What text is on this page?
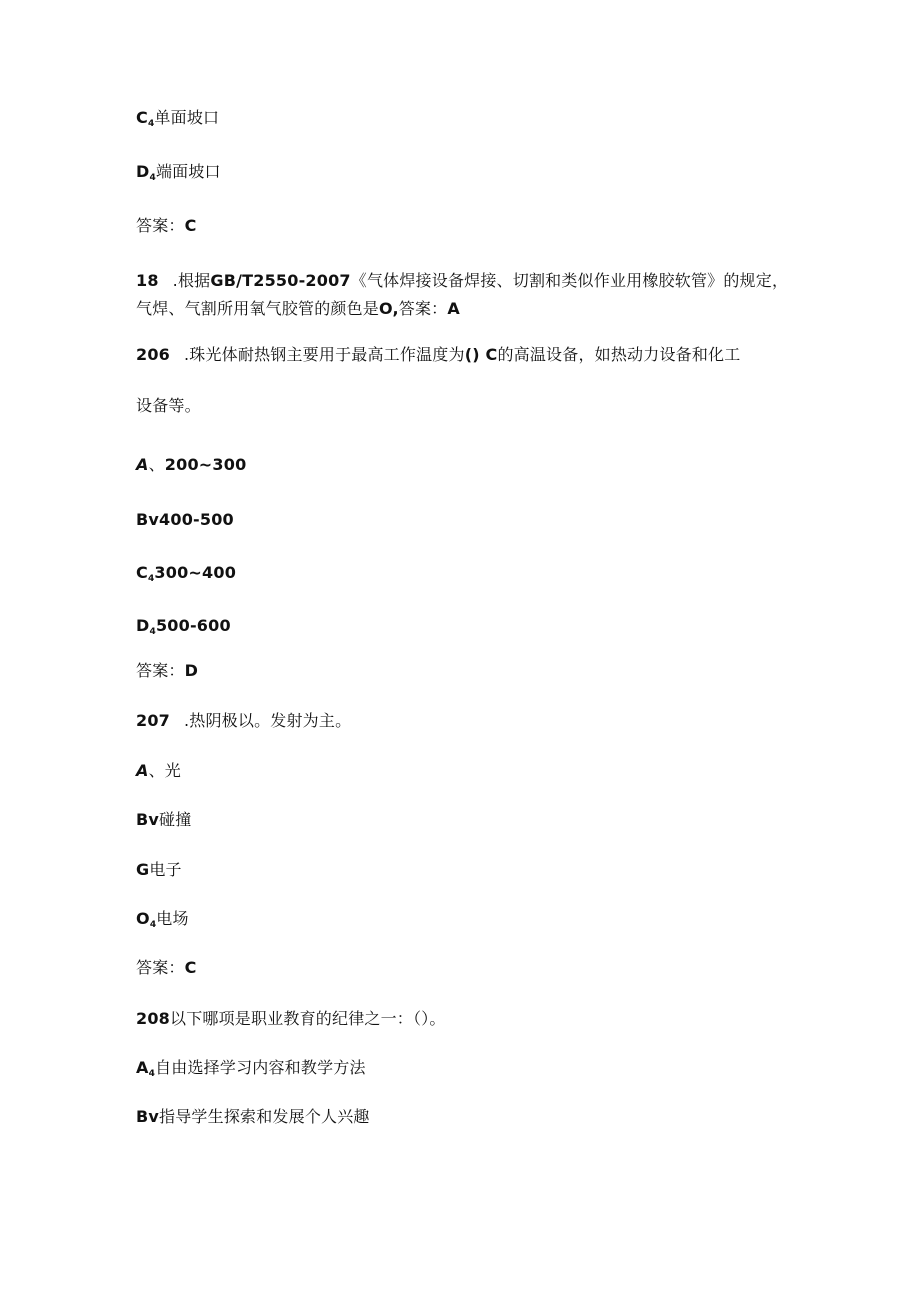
$C_4$单面坡口
$D_4$端面坡口
答案：C
18 .根据GB/T2550-2007《气体焊接设备焊接、切割和类似作业用橡胶软管》的规定，
气焊、气割所用氧气胶管的颜色是O,答案：A
206 .珠光体耐热钢主要用于最高工作温度为() C的高温设备，如热动力设备和化工
设备等。
A、200~300
Bv400-500
$C_4300\sim 400$
$D_4500-600$
答案：D
207 .热阴极以。发射为主。
A、光
Bv碰撞
G电子
$O_4$电场
答案：C
208以下哪项是职业教育的纪律之一：（）。
$A_4$自由选择学习内容和教学方法
Bv指导学生探索和发展个人兴趣
